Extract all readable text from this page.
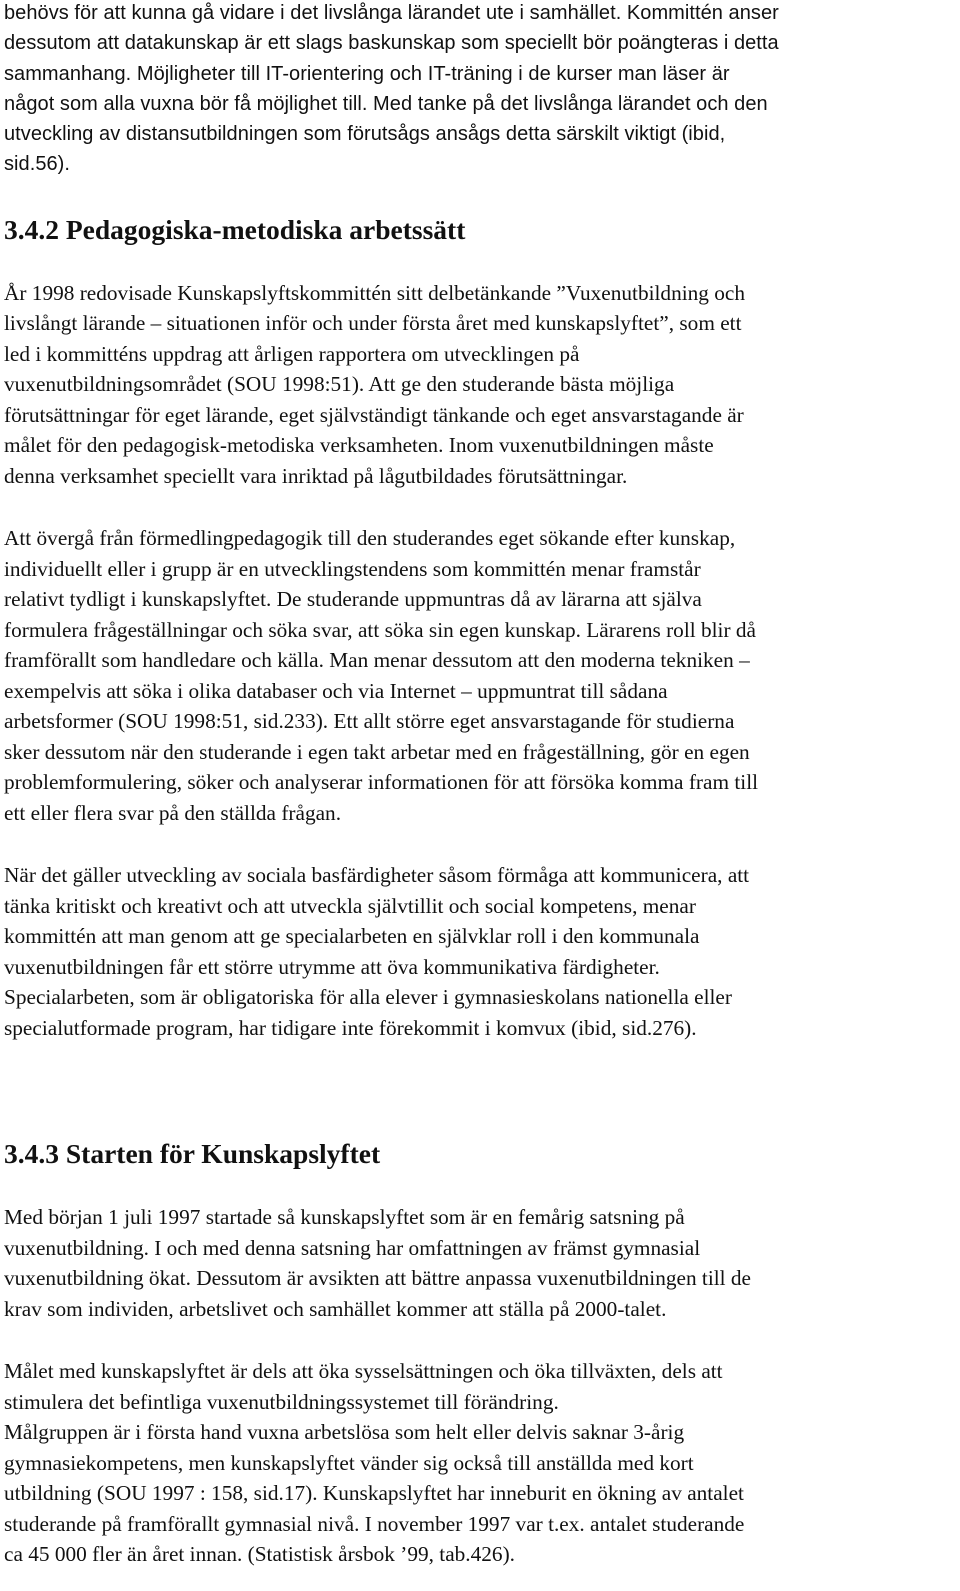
behövs för att kunna gå vidare i det livslånga lärandet ute i samhället. Kommittén anser
dessutom att datakunskap är ett slags baskunskap som speciellt bör poängteras i detta
sammanhang. Möjligheter till IT-orientering och IT-träning i de kurser man läser är
något som alla vuxna bör få möjlighet till. Med tanke på det livslånga lärandet och den
utveckling av distansutbildningen som förutsågs ansågs detta särskilt viktigt (ibid,
sid.56).
3.4.2 Pedagogiska-metodiska arbetssätt
År 1998 redovisade Kunskapslyftskommittén sitt delbetänkande ”Vuxenutbildning och
livslångt lärande – situationen inför och under första året med kunskapslyftet”, som ett
led i kommitténs uppdrag att årligen rapportera om utvecklingen på
vuxenutbildningsområdet (SOU 1998:51). Att ge den studerande bästa möjliga
förutsättningar för eget lärande, eget självständigt tänkande och eget ansvarstagande är
målet för den pedagogisk-metodiska verksamheten. Inom vuxenutbildningen måste
denna verksamhet speciellt vara inriktad på lågutbildades förutsättningar.
Att övergå från förmedlingpedagogik till den studerandes eget sökande efter kunskap,
individuellt eller i grupp är en utvecklingstendens som kommittén menar framstår
relativt tydligt i kunskapslyftet. De studerande uppmuntras då av lärarna att själva
formulera frågeställningar och söka svar, att söka sin egen kunskap. Lärarens roll blir då
framförallt som handledare och källa. Man menar dessutom att den moderna tekniken –
exempelvis att söka i olika databaser och via Internet – uppmuntrat till sådana
arbetsformer (SOU 1998:51, sid.233). Ett allt större eget ansvarstagande för studierna
sker dessutom när den studerande i egen takt arbetar med en frågeställning, gör en egen
problemformulering, söker och analyserar informationen för att försöka komma fram till
ett eller flera svar på den ställda frågan.
När det gäller utveckling av sociala basfärdigheter såsom förmåga att kommunicera, att
tänka kritiskt och kreativt och att utveckla självtillit och social kompetens, menar
kommittén att man genom att ge specialarbeten en självklar roll i den kommunala
vuxenutbildningen får ett större utrymme att öva kommunikativa färdigheter.
Specialarbeten, som är obligatoriska för alla elever i gymnasieskolans nationella eller
specialutformade program, har tidigare inte förekommit i komvux (ibid, sid.276).
3.4.3 Starten för Kunskapslyftet
Med början 1 juli 1997 startade så kunskapslyftet som är en femårig satsning på
vuxenutbildning. I och med denna satsning har omfattningen av främst gymnasial
vuxenutbildning ökat. Dessutom är avsikten att bättre anpassa vuxenutbildningen till de
krav som individen, arbetslivet och samhället kommer att ställa på 2000-talet.
Målet med kunskapslyftet är dels att öka sysselsättningen och öka tillväxten, dels att
stimulera det befintliga vuxenutbildningssystemet till förändring.
Målgruppen är i första hand vuxna arbetslösa som helt eller delvis saknar 3-årig
gymnasiekompetens, men kunskapslyftet vänder sig också till anställda med kort
utbildning (SOU 1997 : 158, sid.17). Kunskapslyftet har inneburit en ökning av antalet
studerande på framförallt gymnasial nivå. I november 1997 var t.ex. antalet studerande
ca 45 000 fler än året innan. (Statistisk årsbok ’99, tab.426).
